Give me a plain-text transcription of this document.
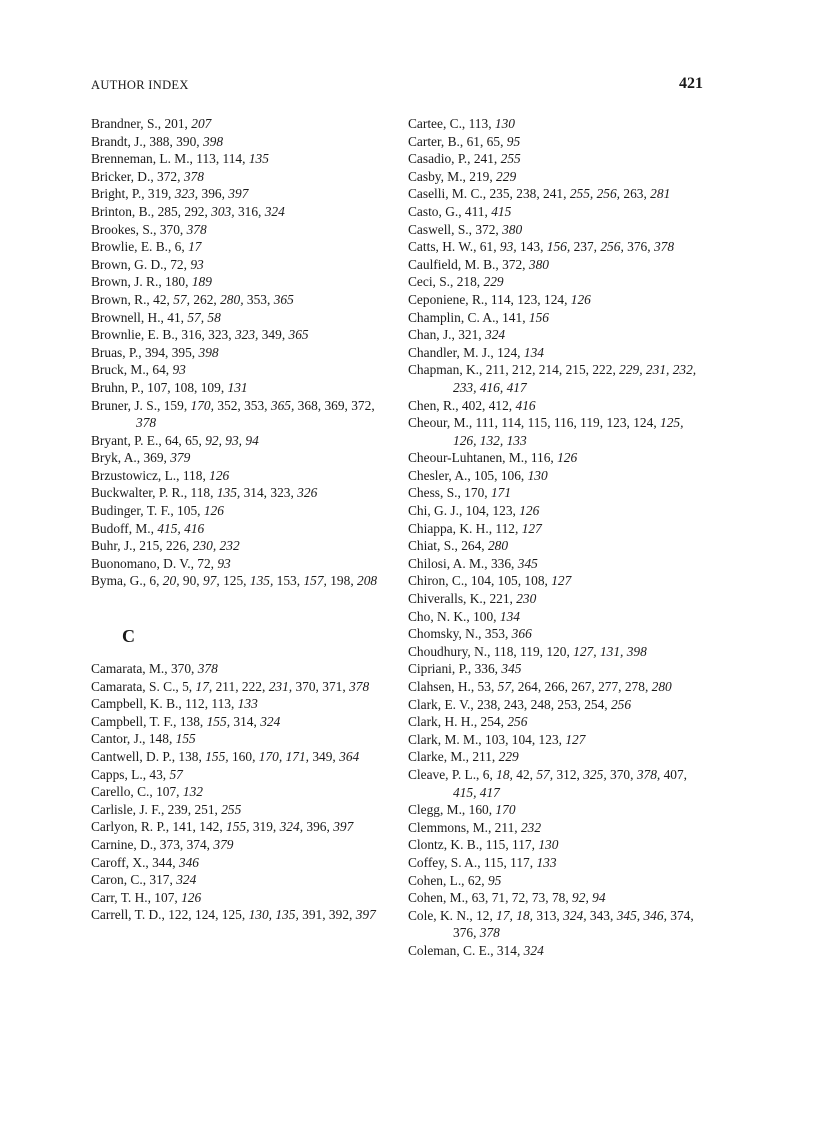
AUTHOR INDEX	421
Brandner, S., 201, 207
Brandt, J., 388, 390, 398
Brenneman, L. M., 113, 114, 135
Bricker, D., 372, 378
Bright, P., 319, 323, 396, 397
Brinton, B., 285, 292, 303, 316, 324
Brookes, S., 370, 378
Browlie, E. B., 6, 17
Brown, G. D., 72, 93
Brown, J. R., 180, 189
Brown, R., 42, 57, 262, 280, 353, 365
Brownell, H., 41, 57, 58
Brownlie, E. B., 316, 323, 323, 349, 365
Bruas, P., 394, 395, 398
Bruck, M., 64, 93
Bruhn, P., 107, 108, 109, 131
Bruner, J. S., 159, 170, 352, 353, 365, 368, 369, 372, 378
Bryant, P. E., 64, 65, 92, 93, 94
Bryk, A., 369, 379
Brzustowicz, L., 118, 126
Buckwalter, P. R., 118, 135, 314, 323, 326
Budinger, T. F., 105, 126
Budoff, M., 415, 416
Buhr, J., 215, 226, 230, 232
Buonomano, D. V., 72, 93
Byma, G., 6, 20, 90, 97, 125, 135, 153, 157, 198, 208
C
Camarata, M., 370, 378
Camarata, S. C., 5, 17, 211, 222, 231, 370, 371, 378
Campbell, K. B., 112, 113, 133
Campbell, T. F., 138, 155, 314, 324
Cantor, J., 148, 155
Cantwell, D. P., 138, 155, 160, 170, 171, 349, 364
Capps, L., 43, 57
Carello, C., 107, 132
Carlisle, J. F., 239, 251, 255
Carlyon, R. P., 141, 142, 155, 319, 324, 396, 397
Carnine, D., 373, 374, 379
Caroff, X., 344, 346
Caron, C., 317, 324
Carr, T. H., 107, 126
Carrell, T. D., 122, 124, 125, 130, 135, 391, 392, 397
Cartee, C., 113, 130
Carter, B., 61, 65, 95
Casadio, P., 241, 255
Casby, M., 219, 229
Caselli, M. C., 235, 238, 241, 255, 256, 263, 281
Casto, G., 411, 415
Caswell, S., 372, 380
Catts, H. W., 61, 93, 143, 156, 237, 256, 376, 378
Caulfield, M. B., 372, 380
Ceci, S., 218, 229
Ceponiene, R., 114, 123, 124, 126
Champlin, C. A., 141, 156
Chan, J., 321, 324
Chandler, M. J., 124, 134
Chapman, K., 211, 212, 214, 215, 222, 229, 231, 232, 233, 416, 417
Chen, R., 402, 412, 416
Cheour, M., 111, 114, 115, 116, 119, 123, 124, 125, 126, 132, 133
Cheour-Luhtanen, M., 116, 126
Chesler, A., 105, 106, 130
Chess, S., 170, 171
Chi, G. J., 104, 123, 126
Chiappa, K. H., 112, 127
Chiat, S., 264, 280
Chilosi, A. M., 336, 345
Chiron, C., 104, 105, 108, 127
Chiveralls, K., 221, 230
Cho, N. K., 100, 134
Chomsky, N., 353, 366
Choudhury, N., 118, 119, 120, 127, 131, 398
Cipriani, P., 336, 345
Clahsen, H., 53, 57, 264, 266, 267, 277, 278, 280
Clark, E. V., 238, 243, 248, 253, 254, 256
Clark, H. H., 254, 256
Clark, M. M., 103, 104, 123, 127
Clarke, M., 211, 229
Cleave, P. L., 6, 18, 42, 57, 312, 325, 370, 378, 407, 415, 417
Clegg, M., 160, 170
Clemmons, M., 211, 232
Clontz, K. B., 115, 117, 130
Coffey, S. A., 115, 117, 133
Cohen, L., 62, 95
Cohen, M., 63, 71, 72, 73, 78, 92, 94
Cole, K. N., 12, 17, 18, 313, 324, 343, 345, 346, 374, 376, 378
Coleman, C. E., 314, 324
